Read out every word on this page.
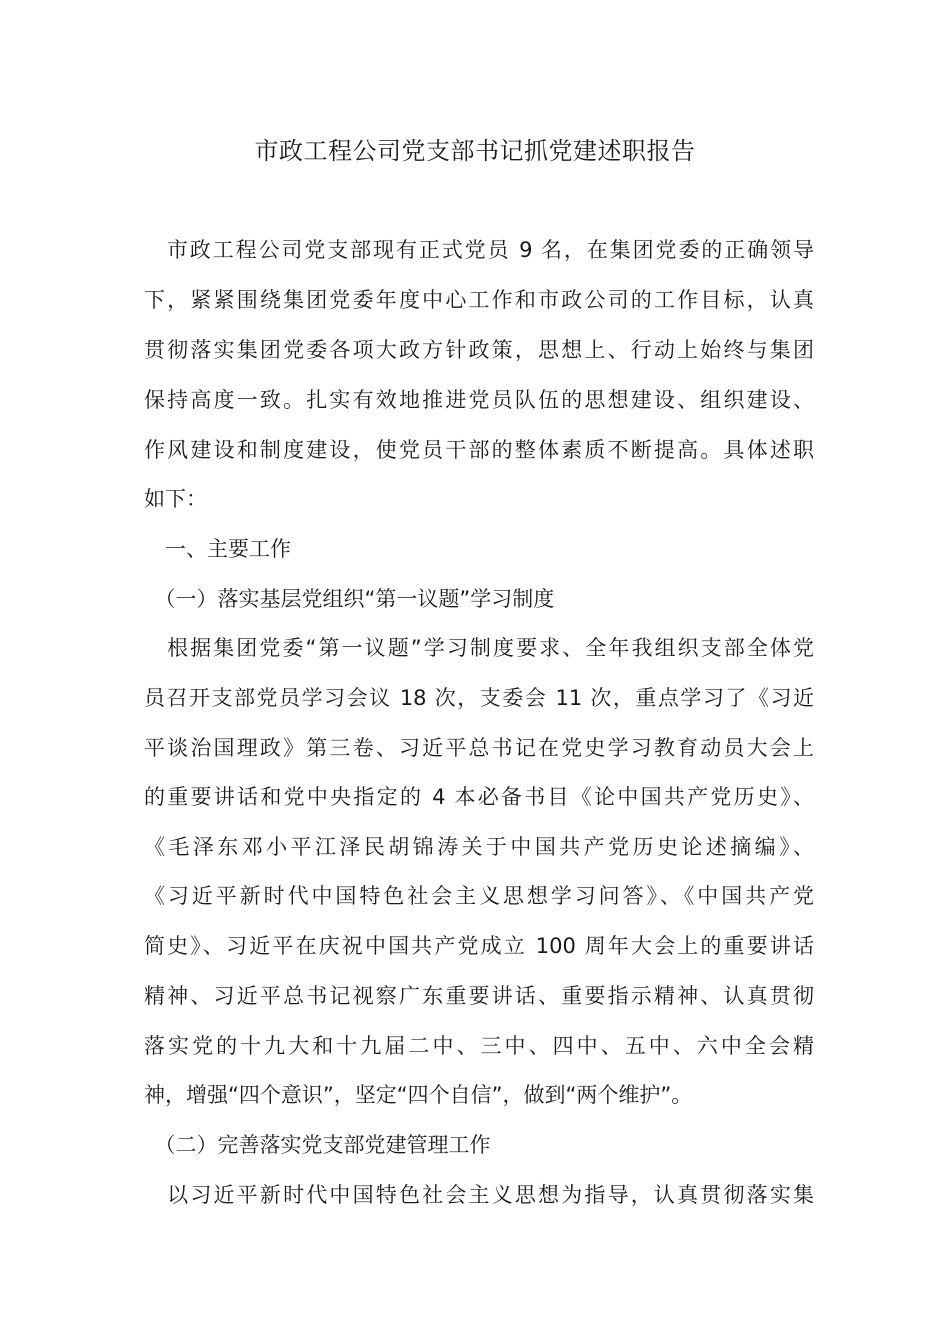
市政工程公司党支部书记抓党建述职报告

　市政工程公司党支部现有正式党员 9 名，在集团党委的正确领导

下，紧紧围绕集团党委年度中心工作和市政公司的工作目标，认真

贯彻落实集团党委各项大政方针政策，思想上、行动上始终与集团

保持高度一致。扎实有效地推进党员队伍的思想建设、组织建设、

作风建设和制度建设，使党员干部的整体素质不断提高。具体述职

如下：

　一、主要工作

　（一）落实基层党组织“第一议题”学习制度

　根据集团党委“第一议题”学习制度要求、全年我组织支部全体党

员召开支部党员学习会议 18 次，支委会 11 次，重点学习了《习近

平谈治国理政》第三卷、习近平总书记在党史学习教育动员大会上

的重要讲话和党中央指定的 4 本必备书目《论中国共产党历史》、

《毛泽东邓小平江泽民胡锦涛关于中国共产党历史论述摘编》、

《习近平新时代中国特色社会主义思想学习问答》、《中国共产党

简史》、习近平在庆祝中国共产党成立 100 周年大会上的重要讲话

精神、习近平总书记视察广东重要讲话、重要指示精神、认真贯彻

落实党的十九大和十九届二中、三中、四中、五中、六中全会精

神，增强“四个意识”，坚定“四个自信”，做到“两个维护”。

　（二）完善落实党支部党建管理工作

　以习近平新时代中国特色社会主义思想为指导，认真贯彻落实集
